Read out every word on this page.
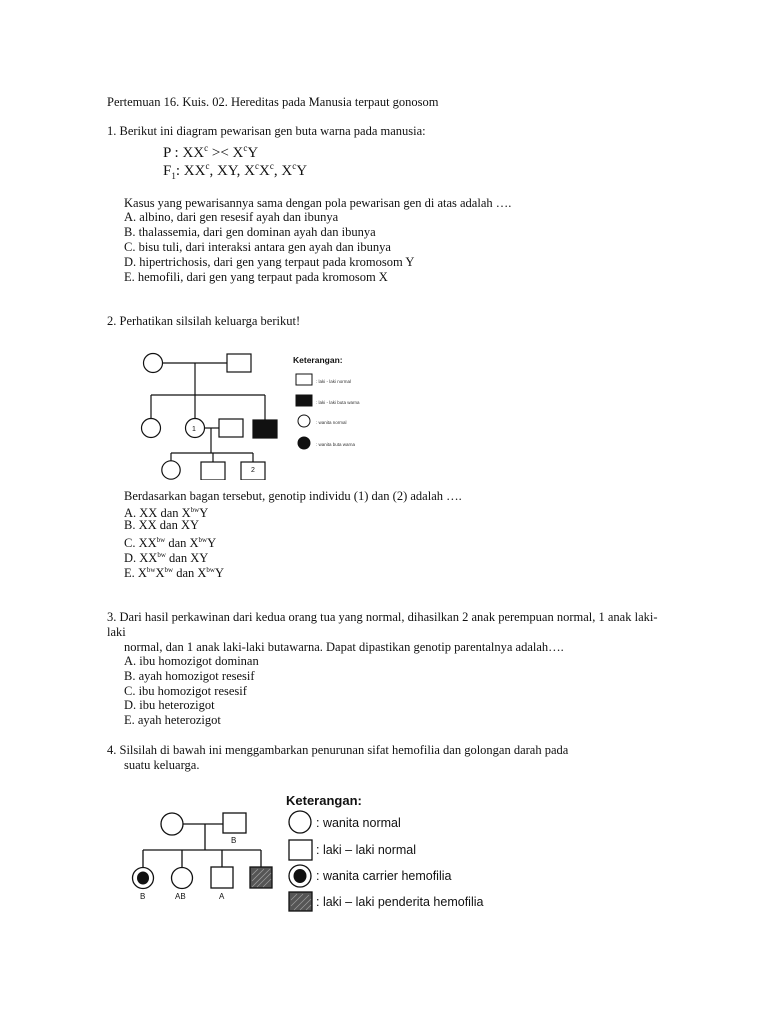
Pertemuan 16. Kuis. 02. Hereditas pada Manusia terpaut gonosom
1. Berikut ini diagram pewarisan gen buta warna pada manusia:
P : $XX^c >< X^cY$
$F_1$: $XX^c$, XY, $X^cX^c$, $X^cY$
Kasus yang pewarisannya sama dengan pola pewarisan gen di atas adalah ….
A. albino, dari gen resesif ayah dan ibunya
B. thalassemia, dari gen dominan ayah dan ibunya
C. bisu tuli, dari interaksi antara gen ayah dan ibunya
D. hipertrichosis, dari gen yang terpaut pada kromosom Y
E. hemofili, dari gen yang terpaut pada kromosom X
2. Perhatikan silsilah keluarga berikut!
1
2
Keterangan:
: laki - laki normal
: laki - laki buta warna
: wanita normal
: wanita buta warna
Berdasarkan bagan tersebut, genotip individu (1) dan (2) adalah ….
A. XX dan $X^{bw}Y$
B. XX dan XY
C. $XX^{bw}$ dan $X^{bw}Y$
D. $XX^{bw}$ dan XY
E. $X^{bw}X^{bw}$ dan $X^{bw}Y$
3. Dari hasil perkawinan dari kedua orang tua yang normal, dihasilkan 2 anak perempuan normal, 1 anak laki-
laki
normal, dan 1 anak laki-laki butawarna. Dapat dipastikan genotip parentalnya adalah….
A. ibu homozigot dominan
B. ayah homozigot resesif
C. ibu homozigot resesif
D. ibu heterozigot
E. ayah heterozigot
4. Silsilah di bawah ini menggambarkan penurunan sifat hemofilia dan golongan darah pada
suatu keluarga.
B
B	AB	A
Keterangan:
: wanita normal
: laki – laki normal
: wanita carrier hemofilia
: laki – laki penderita hemofilia
